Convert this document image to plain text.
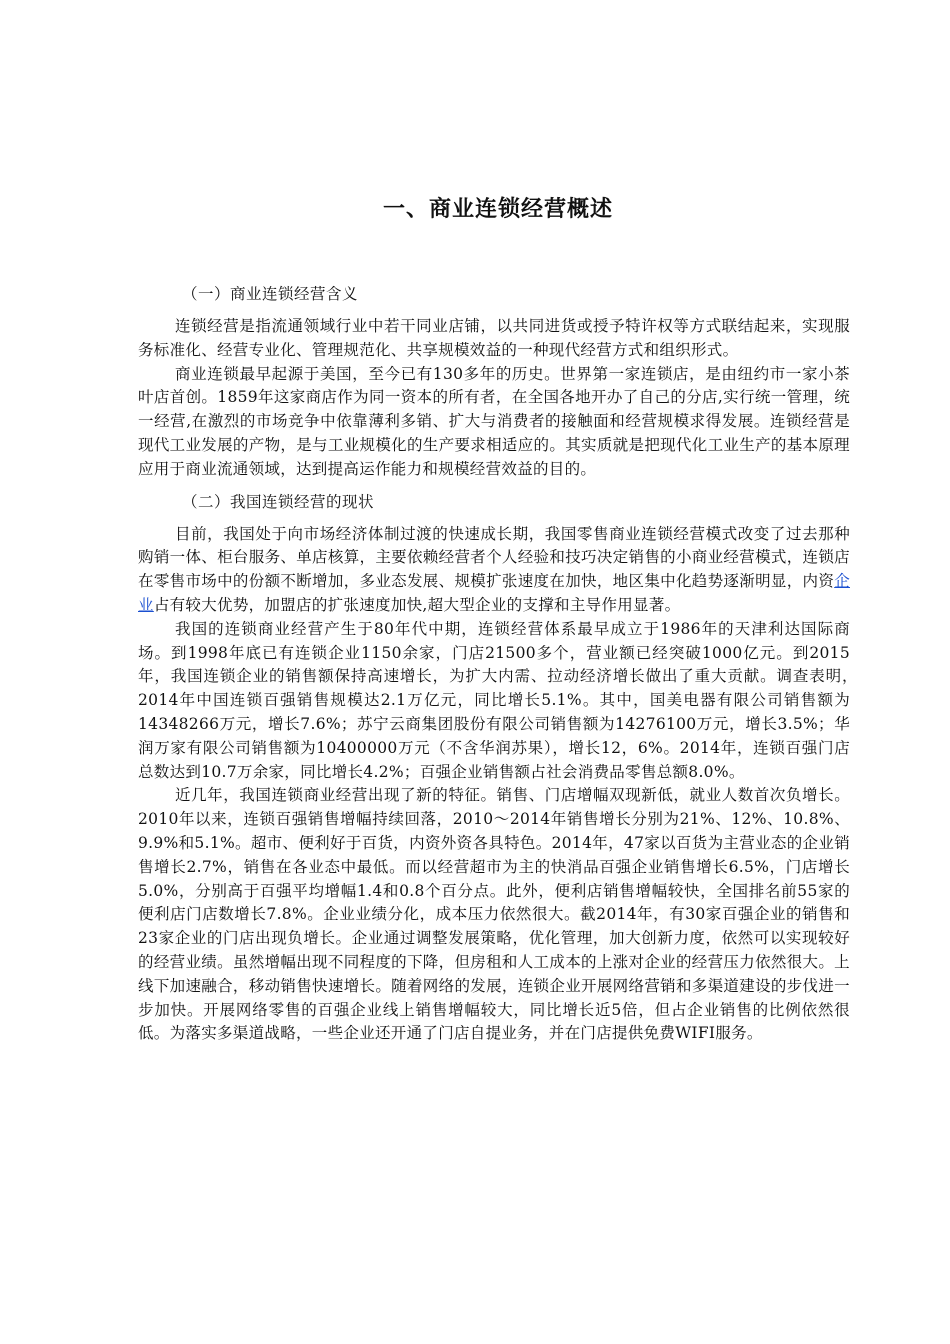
一、商业连锁经营概述

（一）商业连锁经营含义

连锁经营是指流通领域行业中若干同业店铺，以共同进货或授予特许权等方式联结起来，实现服务标准化、经营专业化、管理规范化、共享规模效益的一种现代经营方式和组织形式。

商业连锁最早起源于美国，至今已有130多年的历史。世界第一家连锁店，是由纽约市一家小茶叶店首创。1859年这家商店作为同一资本的所有者，在全国各地开办了自己的分店,实行统一管理，统一经营,在激烈的市场竞争中依靠薄利多销、扩大与消费者的接触面和经营规模求得发展。连锁经营是现代工业发展的产物，是与工业规模化的生产要求相适应的。其实质就是把现代化工业生产的基本原理应用于商业流通领域，达到提高运作能力和规模经营效益的目的。

（二）我国连锁经营的现状

目前，我国处于向市场经济体制过渡的快速成长期，我国零售商业连锁经营模式改变了过去那种购销一体、柜台服务、单店核算，主要依赖经营者个人经验和技巧决定销售的小商业经营模式，连锁店在零售市场中的份额不断增加，多业态发展、规模扩张速度在加快，地区集中化趋势逐渐明显，内资企业占有较大优势，加盟店的扩张速度加快,超大型企业的支撑和主导作用显著。

我国的连锁商业经营产生于80年代中期，连锁经营体系最早成立于1986年的天津利达国际商场。到1998年底已有连锁企业1150余家，门店21500多个，营业额已经突破1000亿元。到2015年，我国连锁企业的销售额保持高速增长，为扩大内需、拉动经济增长做出了重大贡献。调查表明，　2014年中国连锁百强销售规模达2.1万亿元，同比增长5.1%。其中，国美电器有限公司销售额为14348266万元，增长7.6%；苏宁云商集团股份有限公司销售额为14276100万元，增长3.5%；华润万家有限公司销售额为10400000万元（不含华润苏果），增长12，6%。2014年，连锁百强门店总数达到10.7万余家，同比增长4.2%；百强企业销售额占社会消费品零售总额8.0%。

近几年，我国连锁商业经营出现了新的特征。销售、门店增幅双现新低，就业人数首次负增长。2010年以来，连锁百强销售增幅持续回落，2010～2014年销售增长分别为21%、12%、10.8%、9.9%和5.1%。超市、便利好于百货，内资外资各具特色。2014年，47家以百货为主营业态的企业销售增长2.7%，销售在各业态中最低。而以经营超市为主的快消品百强企业销售增长6.5%，门店增长5.0%，分别高于百强平均增幅1.4和0.8个百分点。此外，便利店销售增幅较快，全国排名前55家的便利店门店数增长7.8%。企业业绩分化，成本压力依然很大。截2014年，有30家百强企业的销售和23家企业的门店出现负增长。企业通过调整发展策略，优化管理，加大创新力度，依然可以实现较好的经营业绩。虽然增幅出现不同程度的下降，但房租和人工成本的上涨对企业的经营压力依然很大。上线下加速融合，移动销售快速增长。随着网络的发展，连锁企业开展网络营销和多渠道建设的步伐进一步加快。开展网络零售的百强企业线上销售增幅较大，同比增长近5倍，但占企业销售的比例依然很低。为落实多渠道战略，一些企业还开通了门店自提业务，并在门店提供免费WIFI服务。
